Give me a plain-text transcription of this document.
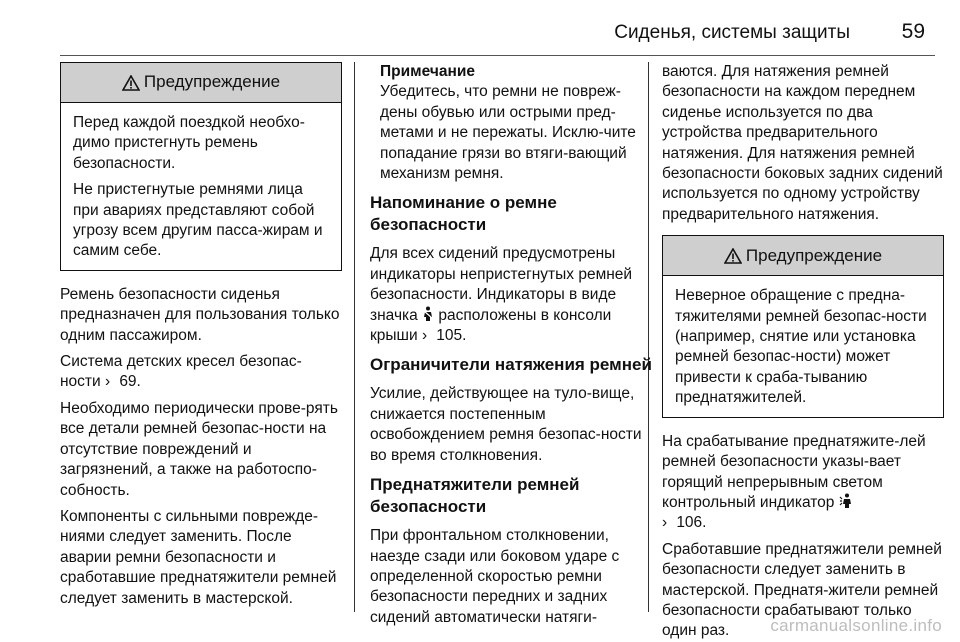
Сиденья, системы защиты 59
Предупреждение

Перед каждой поездкой необхо-димо пристегнуть ремень безопасности.

Не пристегнутые ремнями лица при авариях представляют собой угрозу всем другим пасса-жирам и самим себе.

Ремень безопасности сиденья предназначен для пользования только одним пассажиром.

Система детских кресел безопас-ности › 69.

Необходимо периодически прове-рять все детали ремней безопас-ности на отсутствие повреждений и загрязнений, а также на работоспо-собность.

Компоненты с сильными поврежде-ниями следует заменить. После аварии ремни безопасности и сработавшие преднатяжители ремней следует заменить в мастерской.

Примечание
Убедитесь, что ремни не повреж-дены обувью или острыми пред-метами и не пережаты. Исклю-чите попадание грязи во втяги-вающий механизм ремня.
Напоминание о ремне безопасности

Для всех сидений предусмотрены индикаторы непристегнутых ремней безопасности. Индикаторы в виде значка расположены в консоли крыши › 105.

Ограничители натяжения ремней

Усилие, действующее на туло-вище, снижается постепенным освобождением ремня безопас-ности во время столкновения.

Преднатяжители ремней безопасности

При фронтальном столкновении, наезде сзади или боковом ударе с определенной скоростью ремни безопасности передних и задних сидений автоматически натяги-

ваются. Для натяжения ремней безопасности на каждом переднем сиденье используется по два устройства предварительного натяжения. Для натяжения ремней безопасности боковых задних сидений используется по одному устройству предварительного натяжения.

Предупреждение

Неверное обращение с предна-тяжителями ремней безопас-ности (например, снятие или установка ремней безопас-ности) может привести к сраба-тыванию преднатяжителей.

На срабатывание преднатяжите-лей ремней безопасности указы-вает горящий непрерывным светом контрольный индикатор
› 106.

Сработавшие преднатяжители ремней безопасности следует заменить в мастерской. Преднатя-жители ремней безопасности срабатывают только один раз.	carmanualsonline.info
